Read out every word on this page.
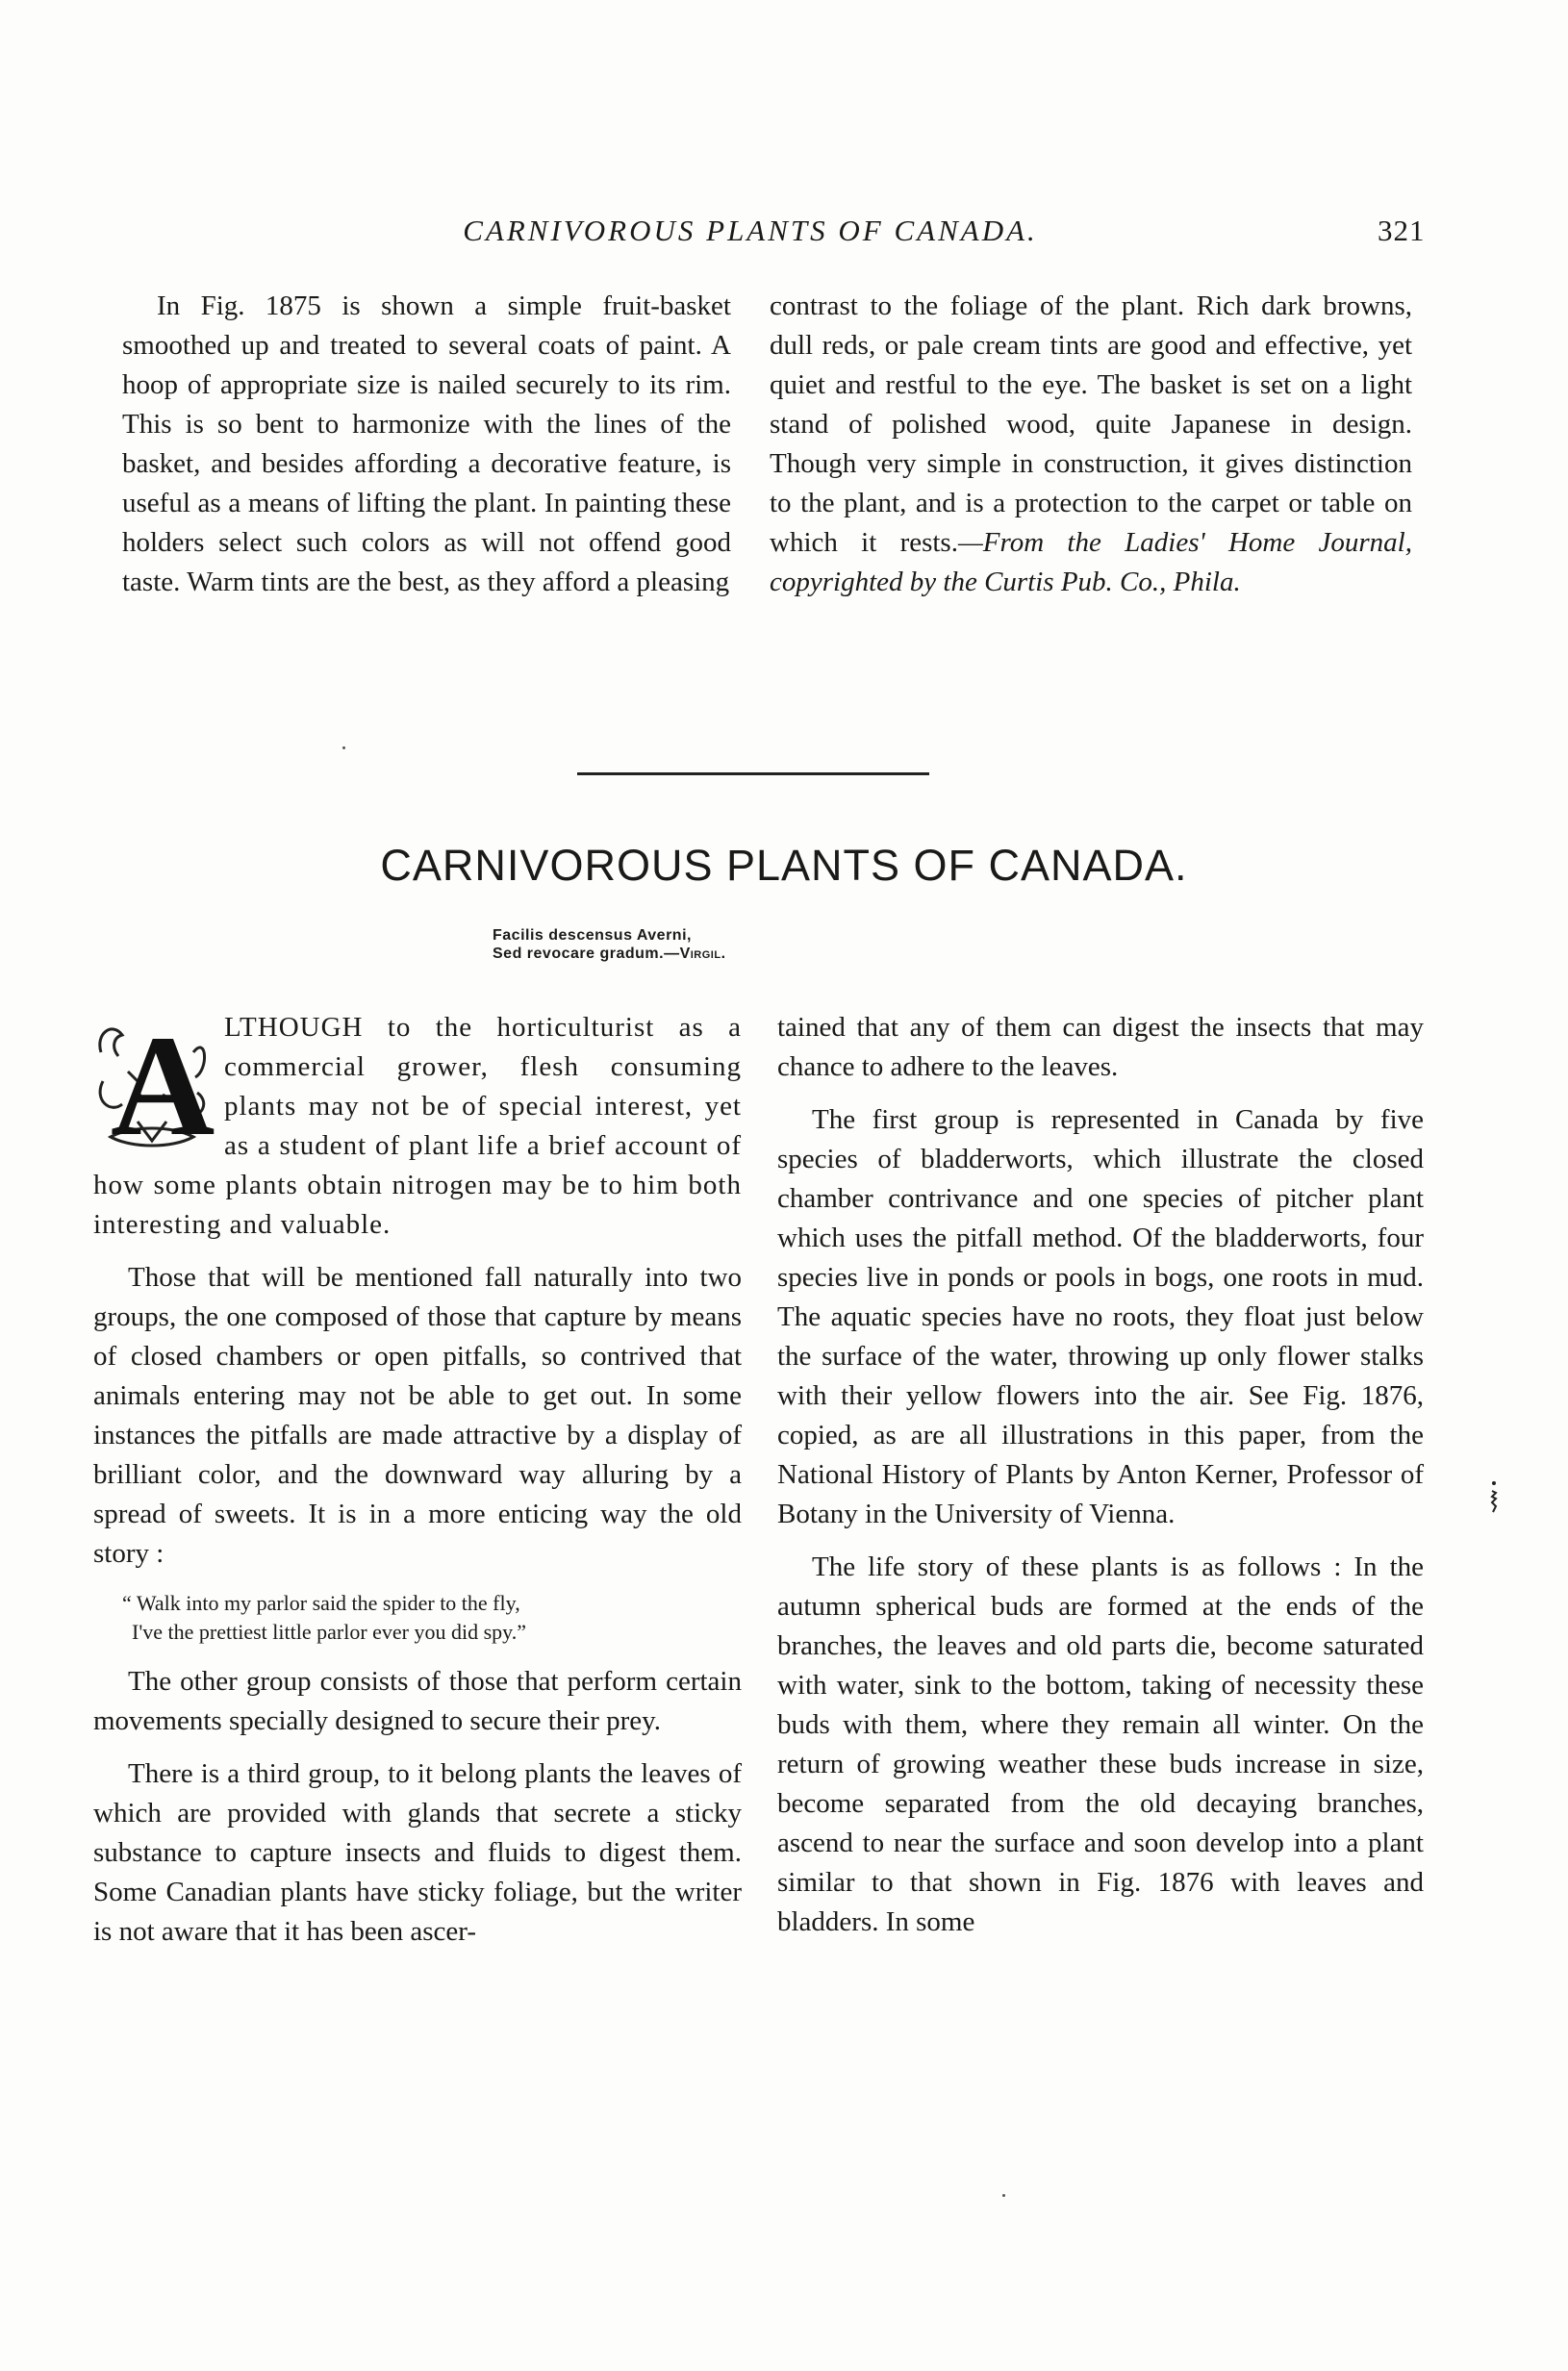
CARNIVOROUS PLANTS OF CANADA.	321

In Fig. 1875 is shown a simple fruit-basket smoothed up and treated to several coats of paint. A hoop of appropriate size is nailed securely to its rim. This is so bent to harmonize with the lines of the basket, and besides affording a decorative feature, is useful as a means of lifting the plant. In painting these holders select such colors as will not offend good taste. Warm tints are the best, as they afford a pleasing

contrast to the foliage of the plant. Rich dark browns, dull reds, or pale cream tints are good and effective, yet quiet and restful to the eye. The basket is set on a light stand of polished wood, quite Japanese in design. Though very simple in construction, it gives distinction to the plant, and is a protection to the carpet or table on which it rests.—From the Ladies' Home Journal, copyrighted by the Curtis Pub. Co., Phila.

CARNIVOROUS PLANTS OF CANADA.
Facilis descensus Averni,
Sed revocare gradum.—Virgil.

A LTHOUGH to the horticulturist as a commercial grower, flesh consuming plants may not be of special interest, yet as a student of plant life a brief account of how some plants obtain nitrogen may be to him both interesting and valuable.

Those that will be mentioned fall naturally into two groups, the one composed of those that capture by means of closed chambers or open pitfalls, so contrived that animals entering may not be able to get out. In some instances the pitfalls are made attractive by a display of brilliant color, and the downward way alluring by a spread of sweets. It is in a more enticing way the old story :

“ Walk into my parlor said the spider to the fly,
I've the prettiest little parlor ever you did spy.”

The other group consists of those that perform certain movements specially designed to secure their prey.

There is a third group, to it belong plants the leaves of which are provided with glands that secrete a sticky substance to capture insects and fluids to digest them. Some Canadian plants have sticky foliage, but the writer is not aware that it has been ascer-

tained that any of them can digest the insects that may chance to adhere to the leaves.

The first group is represented in Canada by five species of bladderworts, which illustrate the closed chamber contrivance and one species of pitcher plant which uses the pitfall method. Of the bladderworts, four species live in ponds or pools in bogs, one roots in mud. The aquatic species have no roots, they float just below the surface of the water, throwing up only flower stalks with their yellow flowers into the air. See Fig. 1876, copied, as are all illustrations in this paper, from the National History of Plants by Anton Kerner, Professor of Botany in the University of Vienna.

The life story of these plants is as follows : In the autumn spherical buds are formed at the ends of the branches, the leaves and old parts die, become saturated with water, sink to the bottom, taking of necessity these buds with them, where they remain all winter. On the return of growing weather these buds increase in size, become separated from the old decaying branches, ascend to near the surface and soon develop into a plant similar to that shown in Fig. 1876 with leaves and bladders. In some
